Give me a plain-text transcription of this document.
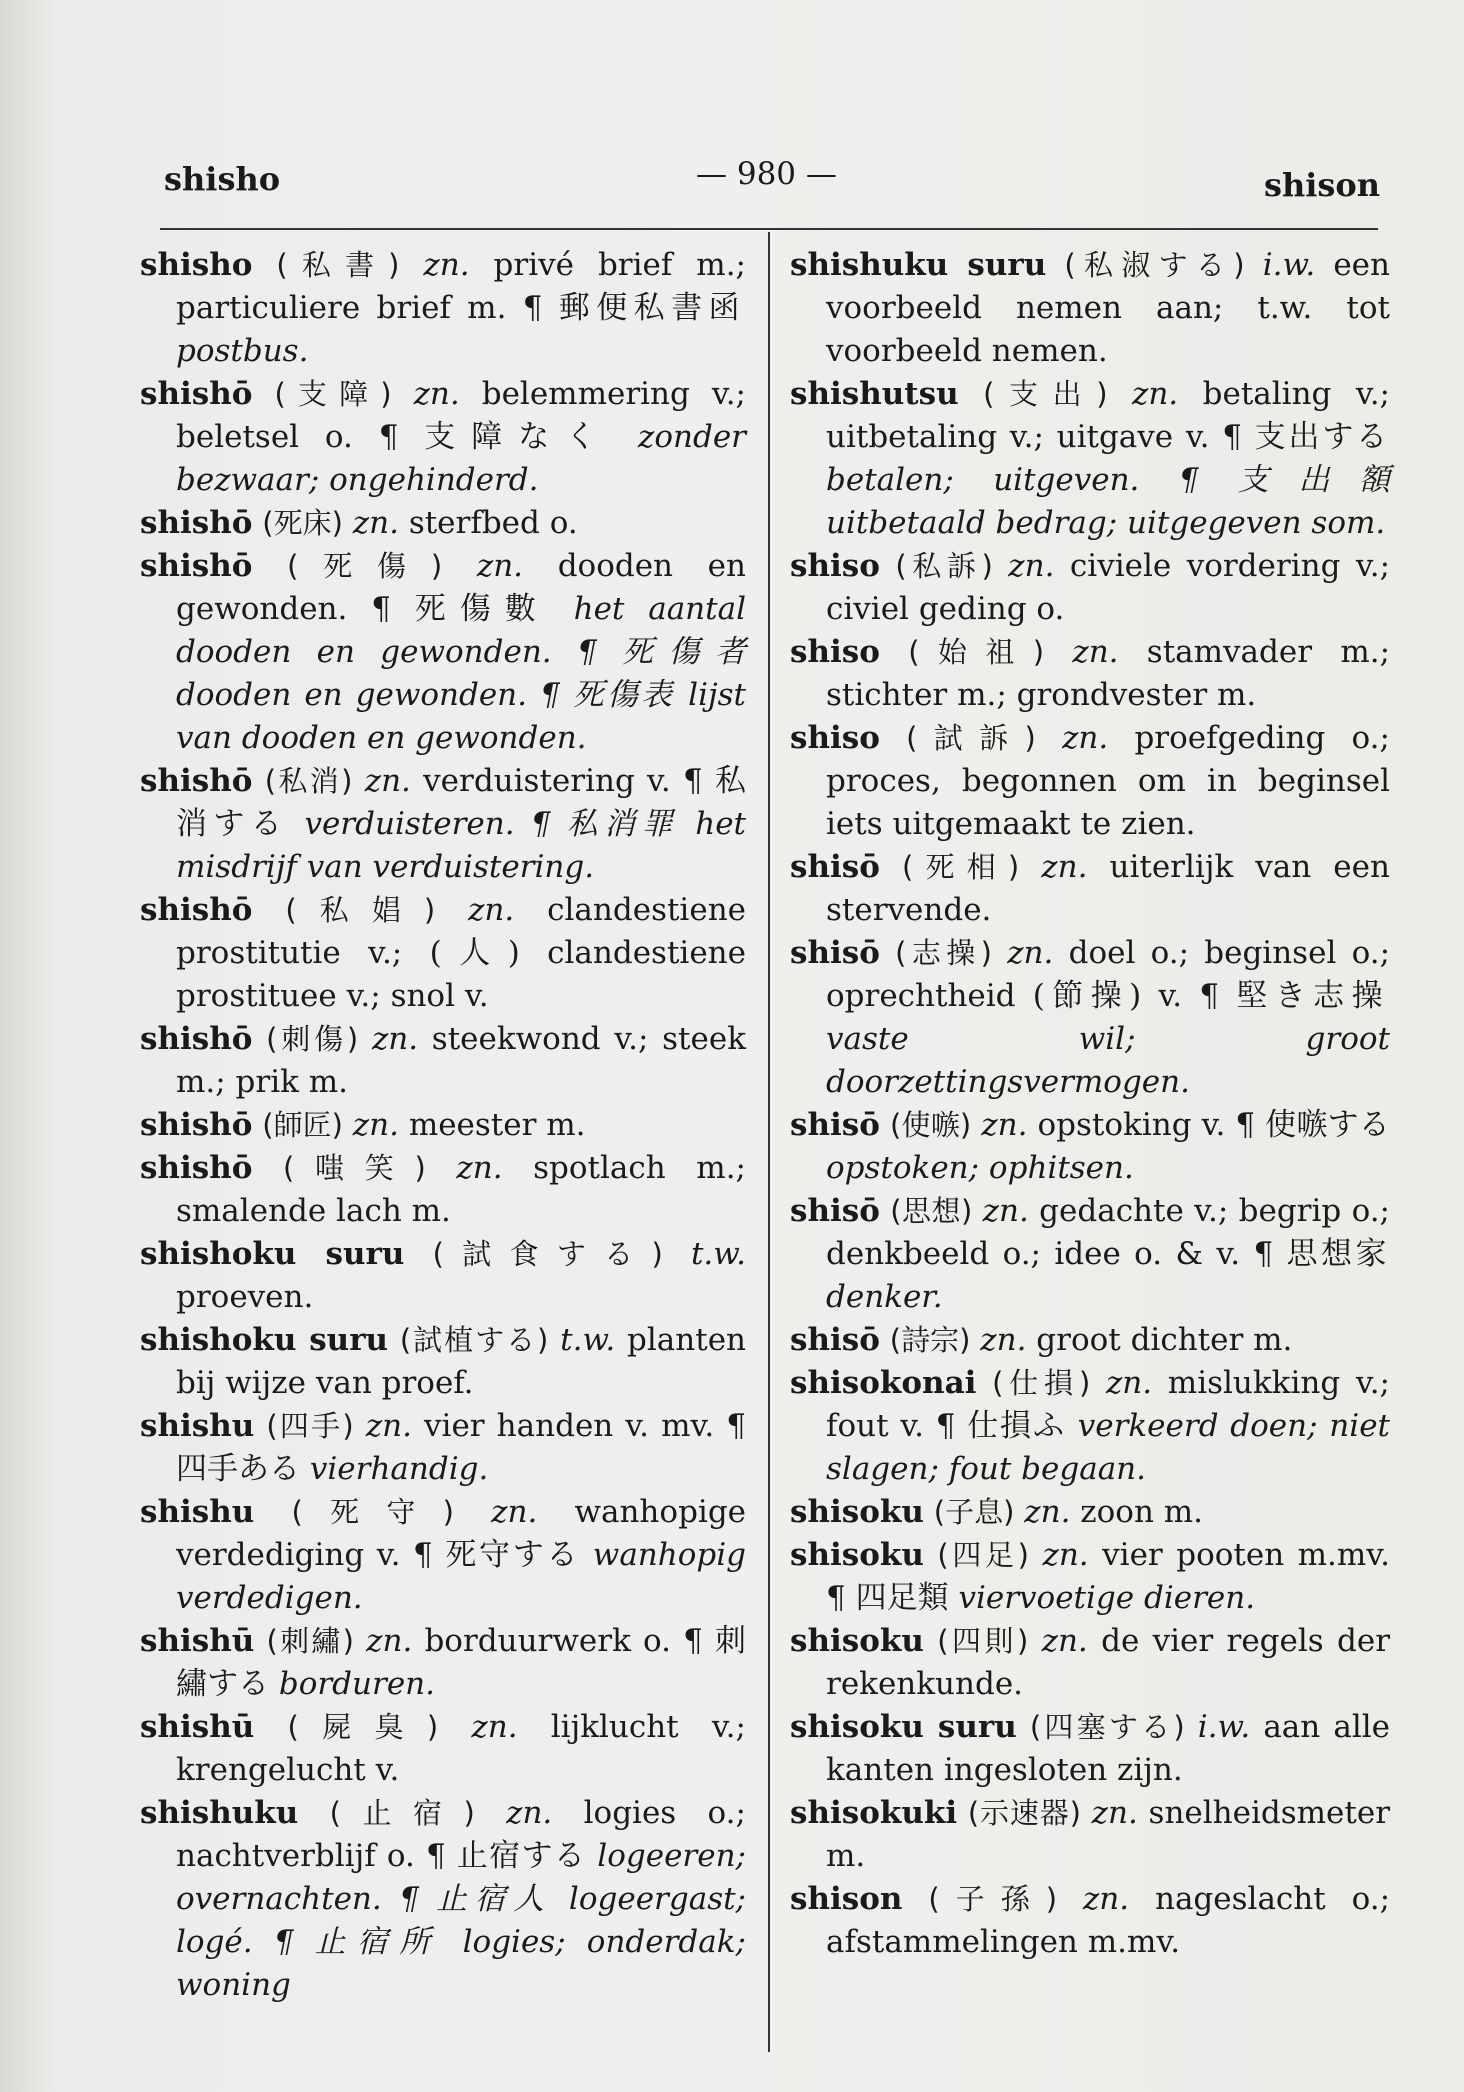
shisho	— 980 —	shison

shisho (私書) zn. privé brief m.; particuliere brief m. ¶ 郵便私書函 postbus.

shishō (支障) zn. belemmering v.; beletsel o. ¶ 支障なく zonder bezwaar; ongehinderd.

shishō (死床) zn. sterfbed o.

shishō (死傷) zn. dooden en gewonden. ¶ 死傷數 het aantal dooden en gewonden. ¶ 死傷者 dooden en gewonden. ¶ 死傷表 lijst van dooden en gewonden.

shishō (私消) zn. verduistering v. ¶ 私消する verduisteren. ¶ 私消罪 het misdrijf van verduistering.

shishō (私娼) zn. clandestiene prostitutie v.; (人) clandestiene prostituee v.; snol v.

shishō (刺傷) zn. steekwond v.; steek m.; prik m.

shishō (師匠) zn. meester m.

shishō (嗤笑) zn. spotlach m.; smalende lach m.

shishoku suru (試食する) t.w. proeven.

shishoku suru (試植する) t.w. planten bij wijze van proef.

shishu (四手) zn. vier handen v. mv. ¶ 四手ある vierhandig.

shishu (死守) zn. wanhopige verdediging v. ¶ 死守する wanhopig verdedigen.

shishū (刺繡) zn. borduurwerk o. ¶ 刺繡する borduren.

shishū (屍臭) zn. lijklucht v.; krengelucht v.

shishuku (止宿) zn. logies o.; nachtverblijf o. ¶ 止宿する logeeren; overnachten. ¶ 止宿人 logeergast; logé. ¶ 止宿所 logies; onderdak; woning

shishuku suru (私淑する) i.w. een voorbeeld nemen aan; t.w. tot voorbeeld nemen.

shishutsu (支出) zn. betaling v.; uitbetaling v.; uitgave v. ¶ 支出する betalen; uitgeven. ¶ 支出額 uitbetaald bedrag; uitgegeven som.

shiso (私訴) zn. civiele vordering v.; civiel geding o.

shiso (始祖) zn. stamvader m.; stichter m.; grondvester m.

shiso (試訴) zn. proefgeding o.; proces, begonnen om in beginsel iets uitgemaakt te zien.

shisō (死相) zn. uiterlijk van een stervende.

shisō (志操) zn. doel o.; beginsel o.; oprechtheid (節操) v. ¶ 堅き志操 vaste wil; groot doorzettingsvermogen.

shisō (使嗾) zn. opstoking v. ¶ 使嗾する opstoken; ophitsen.

shisō (思想) zn. gedachte v.; begrip o.; denkbeeld o.; idee o. & v. ¶ 思想家 denker.

shisō (詩宗) zn. groot dichter m.

shisokonai (仕損) zn. mislukking v.; fout v. ¶ 仕損ふ verkeerd doen; niet slagen; fout begaan.

shisoku (子息) zn. zoon m.

shisoku (四足) zn. vier pooten m.mv. ¶ 四足類 viervoetige dieren.

shisoku (四則) zn. de vier regels der rekenkunde.

shisoku suru (四塞する) i.w. aan alle kanten ingesloten zijn.

shisokuki (示速器) zn. snelheidsmeter m.

shison (子孫) zn. nageslacht o.; afstammelingen m.mv.
